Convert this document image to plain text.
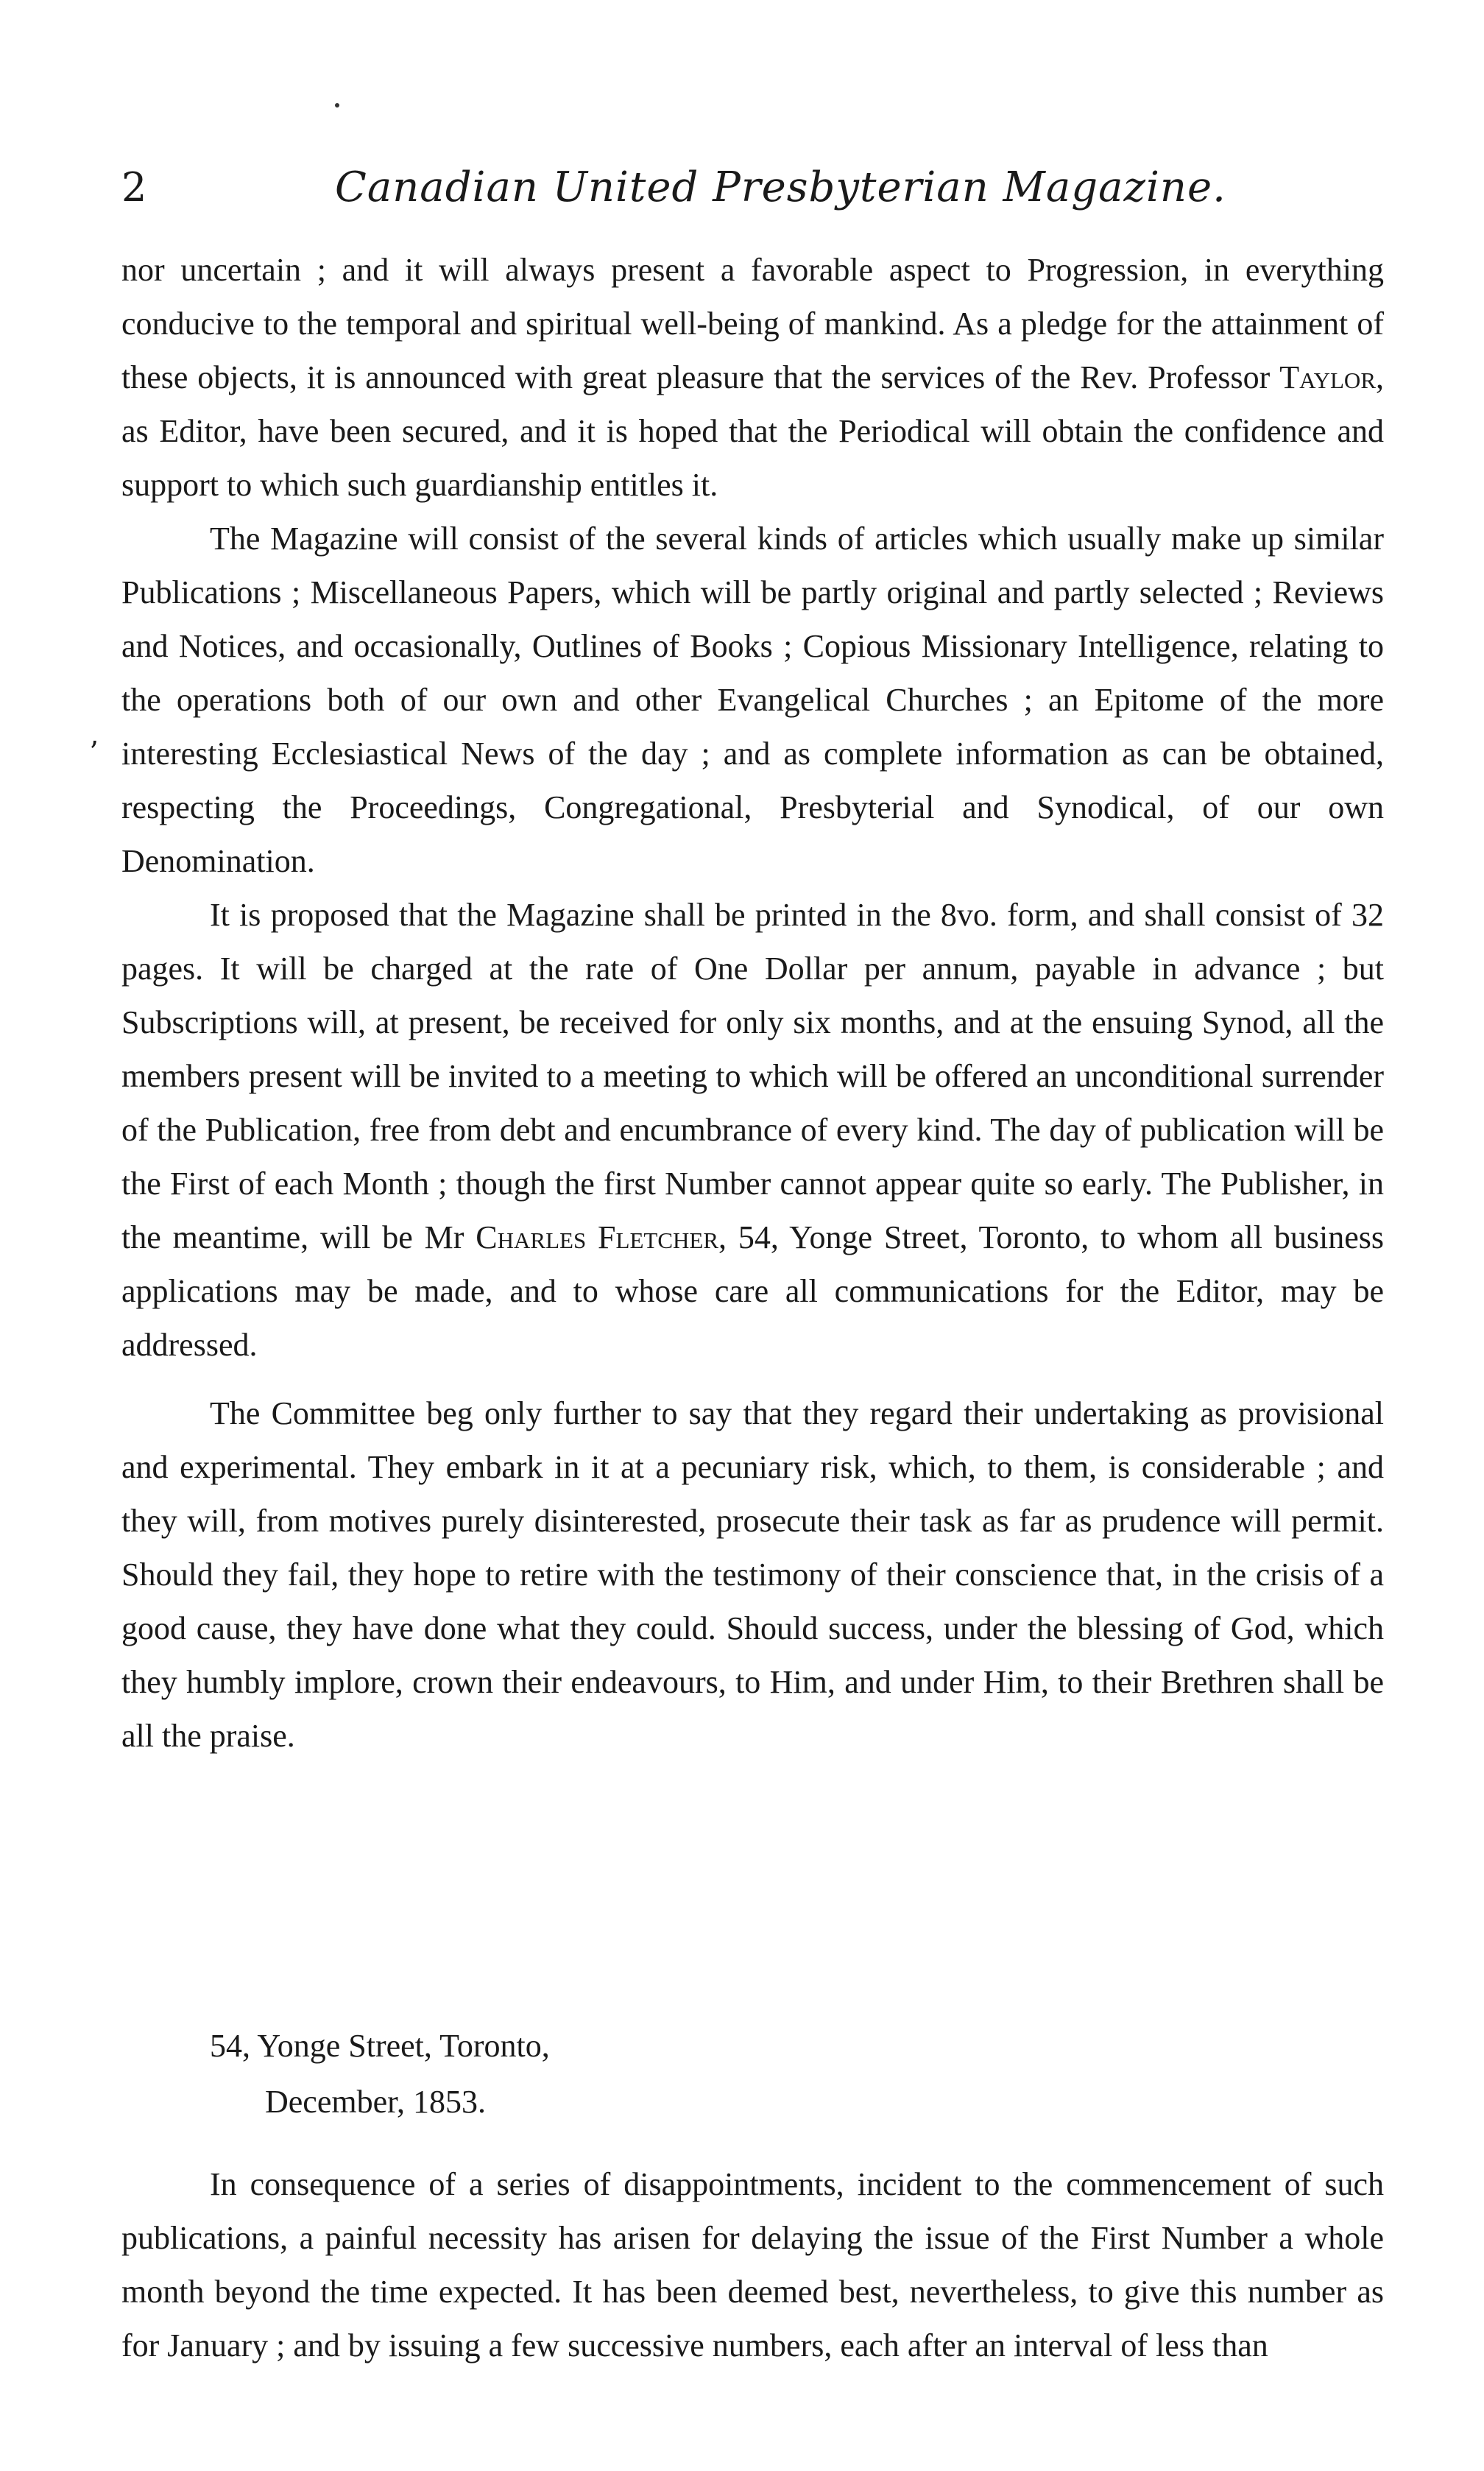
ʼ
2	Canadian United Presbyterian Magazine.

nor uncertain ; and it will always present a favorable aspect to Progression, in everything conducive to the temporal and spiritual well-being of mankind. As a pledge for the attainment of these objects, it is announced with great pleasure that the services of the Rev. Professor Taylor, as Editor, have been secured, and it is hoped that the Periodical will obtain the confidence and support to which such guardianship entitles it.

The Magazine will consist of the several kinds of articles which usually make up similar Publications ; Miscellaneous Papers, which will be partly original and partly selected ; Reviews and Notices, and occasionally, Outlines of Books ; Copious Missionary Intelligence, relating to the operations both of our own and other Evangelical Churches ; an Epitome of the more interesting Ecclesiastical News of the day ; and as complete information as can be obtained, respecting the Proceedings, Congregational, Presbyterial and Synodical, of our own Denomination.

It is proposed that the Magazine shall be printed in the 8vo. form, and shall consist of 32 pages. It will be charged at the rate of One Dollar per annum, payable in advance ; but Subscriptions will, at present, be received for only six months, and at the ensuing Synod, all the members present will be invited to a meeting to which will be offered an unconditional surrender of the Publication, free from debt and encumbrance of every kind. The day of publication will be the First of each Month ; though the first Number cannot appear quite so early. The Publisher, in the meantime, will be Mr Charles Fletcher, 54, Yonge Street, Toronto, to whom all business applications may be made, and to whose care all communications for the Editor, may be addressed.

The Committee beg only further to say that they regard their undertaking as provisional and experimental. They embark in it at a pecuniary risk, which, to them, is considerable ; and they will, from motives purely disinterested, prosecute their task as far as prudence will permit. Should they fail, they hope to retire with the testimony of their conscience that, in the crisis of a good cause, they have done what they could. Should success, under the blessing of God, which they humbly implore, crown their endeavours, to Him, and under Him, to their Brethren shall be all the praise.

54, Yonge Street, Toronto,
December, 1853.

In consequence of a series of disappointments, incident to the commencement of such publications, a painful necessity has arisen for delaying the issue of the First Number a whole month beyond the time expected. It has been deemed best, nevertheless, to give this number as for January ; and by issuing a few successive numbers, each after an interval of less than
